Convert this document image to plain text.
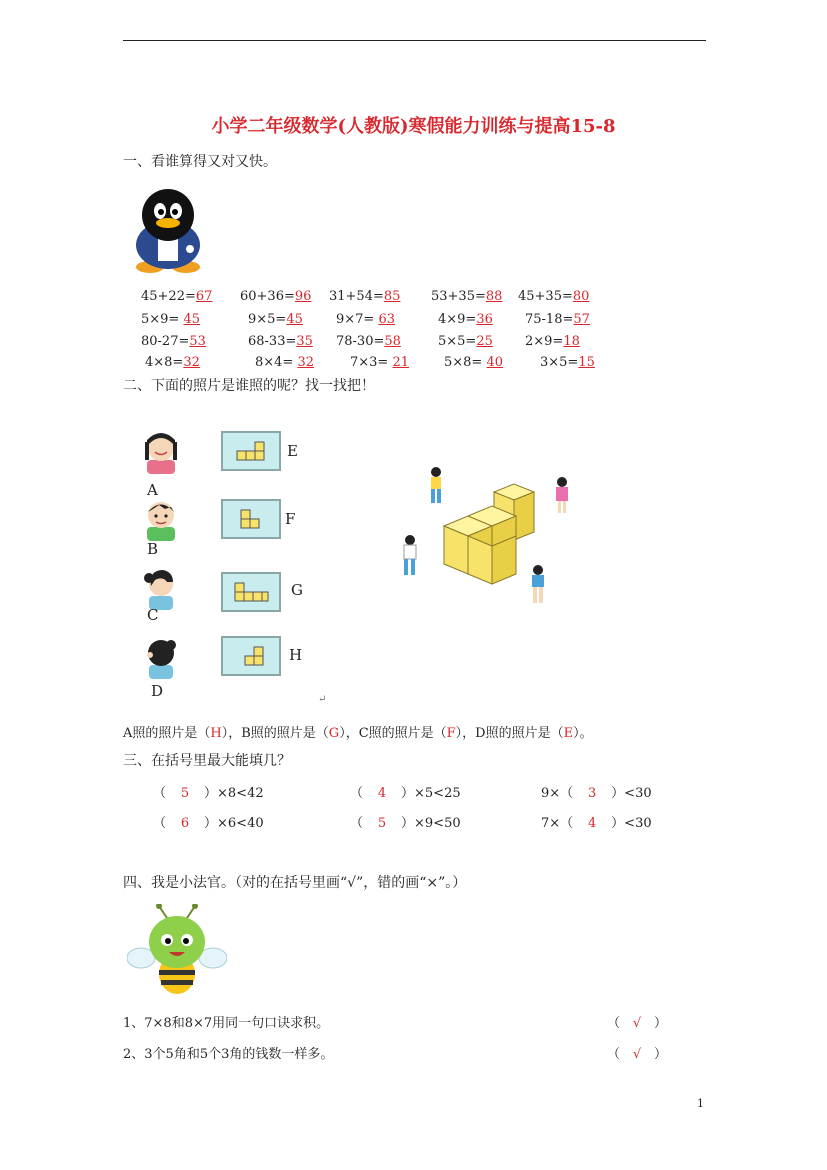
小学二年级数学(人教版)寒假能力训练与提高15-8
一、看谁算得又对又快。
45+22=67 60+36=96 31+54=85 53+35=88 45+35=80
5×9= 45	9×5=45	9×7= 63	4×9=36 75-18=57
80-27=53	68-33=35 78-30=58	5×5=25 2×9=18
4×8=32	8×4= 32	7×3= 21	5×8= 40	3×5=15
二、下面的照片是谁照的呢？找一找把！
A
B
C
D
E
F
G
H
↵
A照的照片是（H），B照的照片是（G），C照的照片是（F），D照的照片是（E）。
三、在括号里最大能填几？
（ 5 ）×8<42	（ 4 ）×5<25	9×（ 3 ）<30
（ 6 ）×6<40	（ 5 ）×9<50	7×（ 4 ）<30
四、我是小法官。（对的在括号里画“√”，错的画“×”。）
1、7×8和8×7用同一句口诀求积。	（ √ ）
2、3个5角和5个3角的钱数一样多。	（ √ ）
1
